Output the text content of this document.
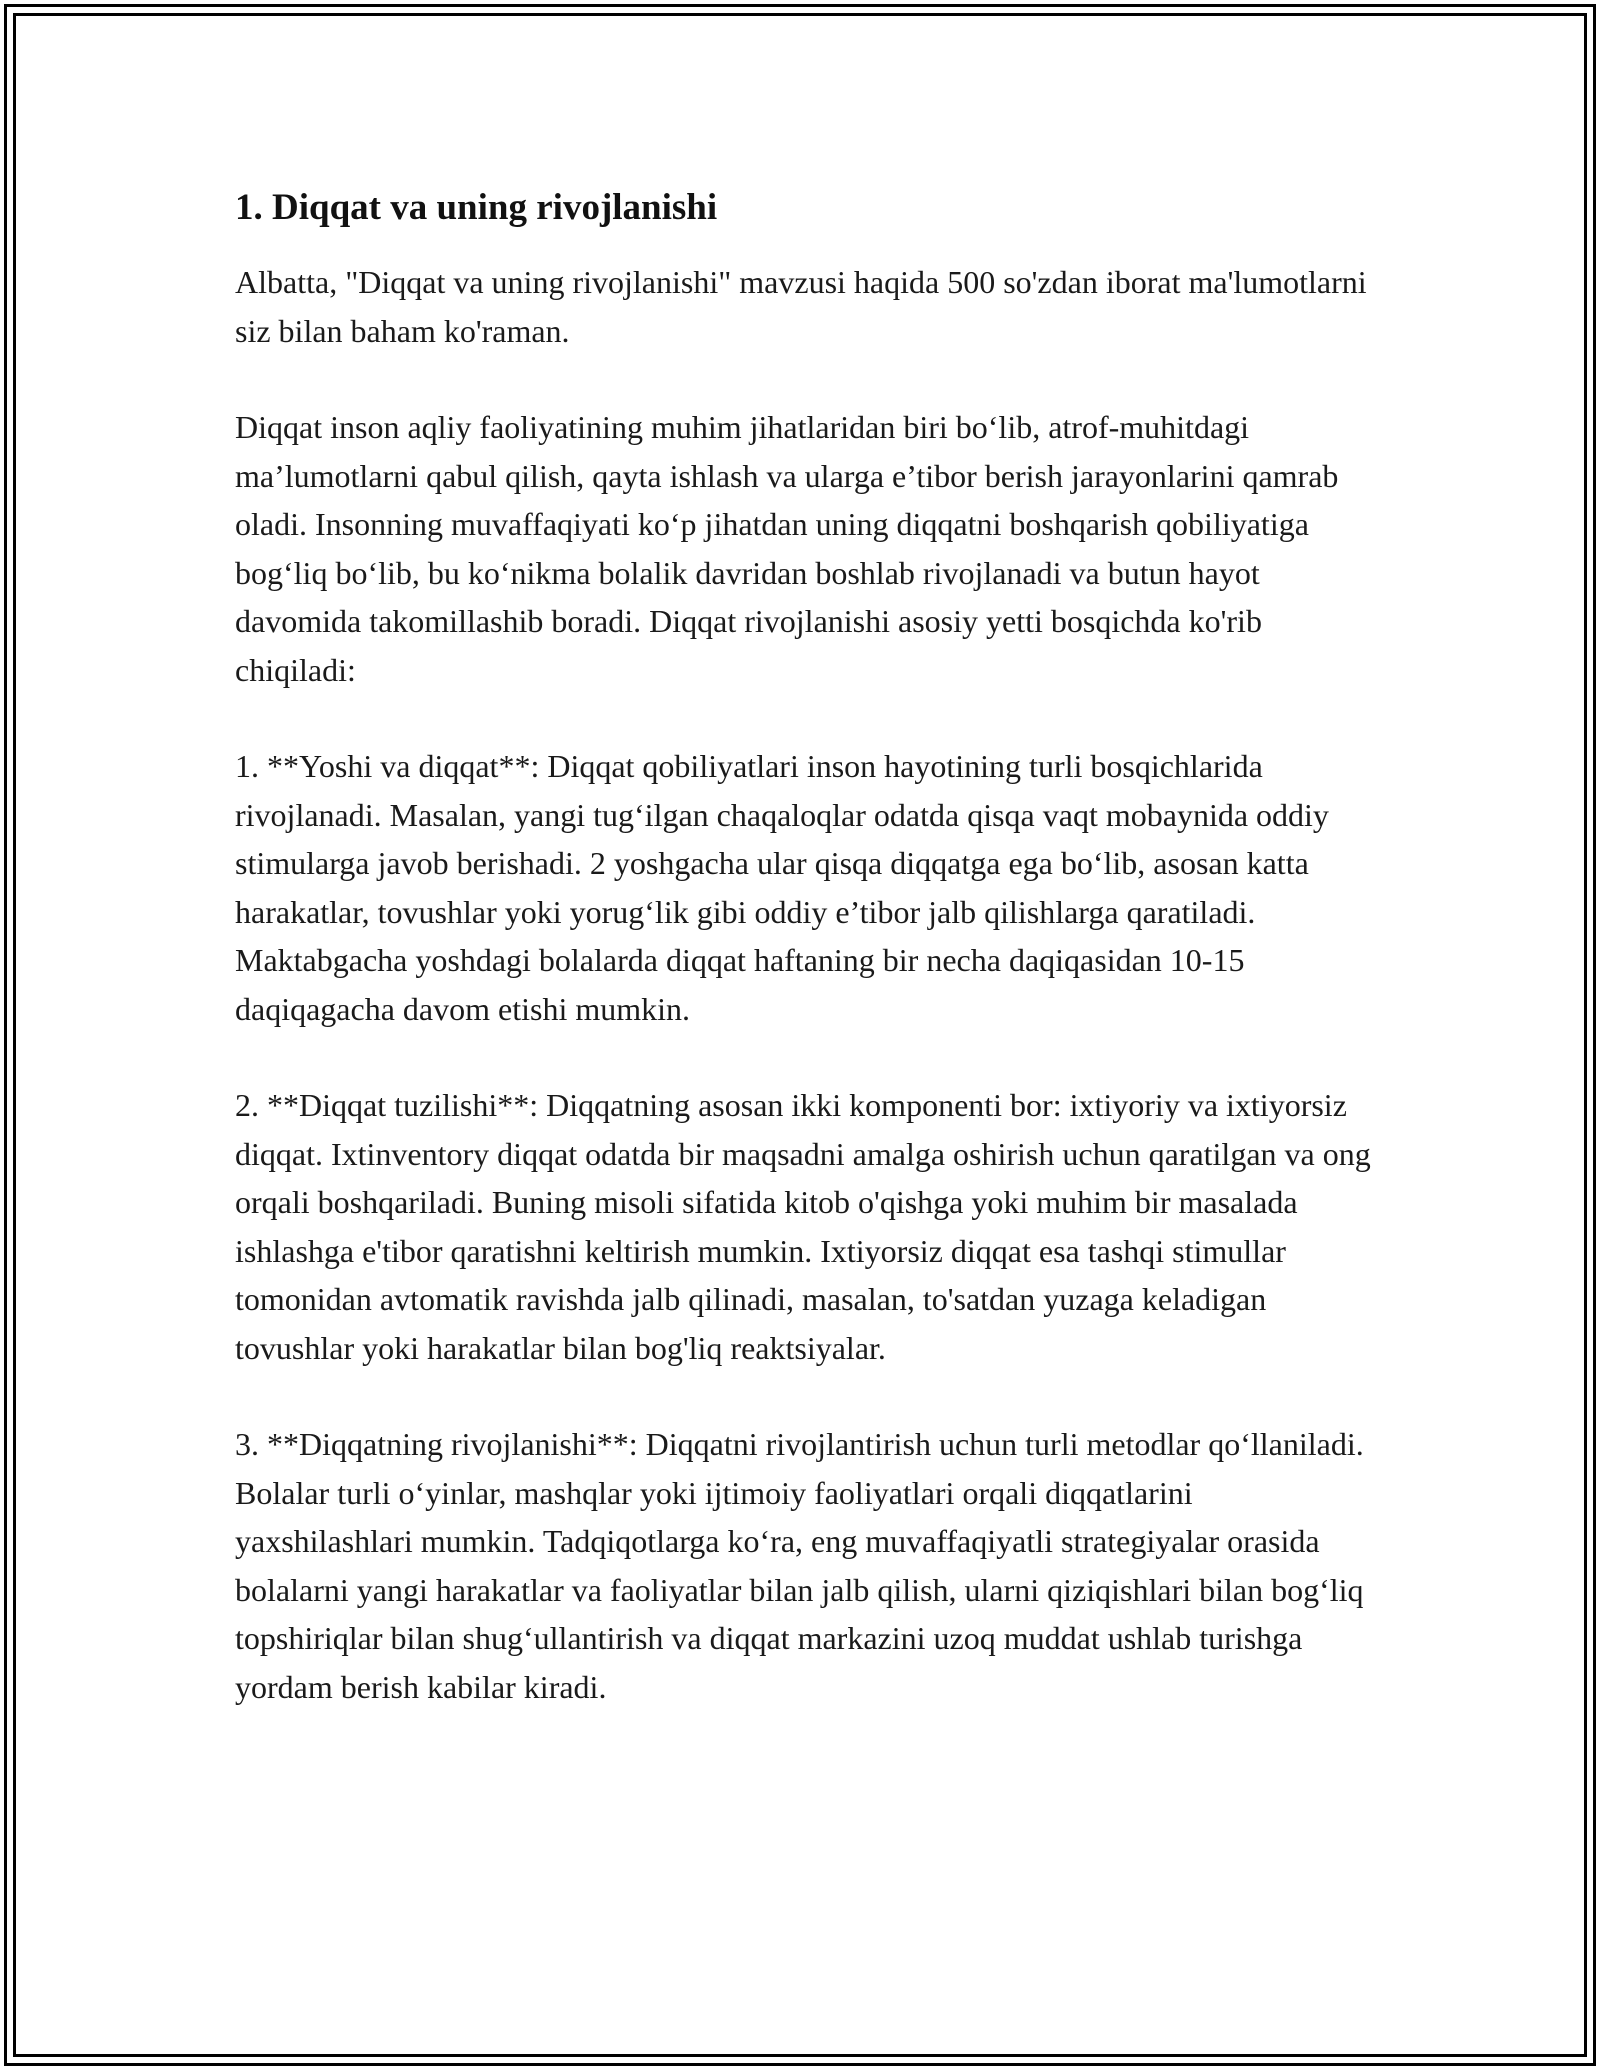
1. Diqqat va uning rivojlanishi

Albatta, "Diqqat va uning rivojlanishi" mavzusi haqida 500 so'zdan iborat ma'lumotlarni siz bilan baham ko'raman.

Diqqat inson aqliy faoliyatining muhim jihatlaridan biri bo‘lib, atrof-muhitdagi ma’lumotlarni qabul qilish, qayta ishlash va ularga e’tibor berish jarayonlarini qamrab oladi. Insonning muvaffaqiyati ko‘p jihatdan uning diqqatni boshqarish qobiliyatiga bog‘liq bo‘lib, bu ko‘nikma bolalik davridan boshlab rivojlanadi va butun hayot davomida takomillashib boradi. Diqqat rivojlanishi asosiy yetti bosqichda ko'rib chiqiladi:

1. **Yoshi va diqqat**: Diqqat qobiliyatlari inson hayotining turli bosqichlarida rivojlanadi. Masalan, yangi tug‘ilgan chaqaloqlar odatda qisqa vaqt mobaynida oddiy stimularga javob berishadi. 2 yoshgacha ular qisqa diqqatga ega bo‘lib, asosan katta harakatlar, tovushlar yoki yorug‘lik gibi oddiy e’tibor jalb qilishlarga qaratiladi. Maktabgacha yoshdagi bolalarda diqqat haftaning bir necha daqiqasidan 10-15 daqiqagacha davom etishi mumkin.

2. **Diqqat tuzilishi**: Diqqatning asosan ikki komponenti bor: ixtiyoriy va ixtiyorsiz diqqat. Ixtinventory diqqat odatda bir maqsadni amalga oshirish uchun qaratilgan va ong orqali boshqariladi. Buning misoli sifatida kitob o'qishga yoki muhim bir masalada ishlashga e'tibor qaratishni keltirish mumkin. Ixtiyorsiz diqqat esa tashqi stimullar tomonidan avtomatik ravishda jalb qilinadi, masalan, to'satdan yuzaga keladigan tovushlar yoki harakatlar bilan bog'liq reaktsiyalar.

3. **Diqqatning rivojlanishi**: Diqqatni rivojlantirish uchun turli metodlar qo‘llaniladi. Bolalar turli o‘yinlar, mashqlar yoki ijtimoiy faoliyatlari orqali diqqatlarini yaxshilashlari mumkin. Tadqiqotlarga ko‘ra, eng muvaffaqiyatli strategiyalar orasida bolalarni yangi harakatlar va faoliyatlar bilan jalb qilish, ularni qiziqishlari bilan bog‘liq topshiriqlar bilan shug‘ullantirish va diqqat markazini uzoq muddat ushlab turishga yordam berish kabilar kiradi.
